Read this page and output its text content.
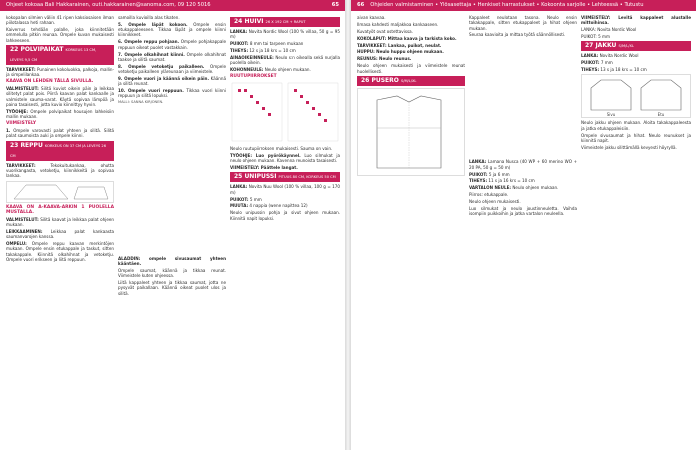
65
Ohjeet kokoaa Bali Hakkarainen, outi.hakkarainen@sanoma.com, 09 120 5016

kokopalan silmien väliin 41 ripen kaksiosaisen ilman piilotalassa heti rahaan.

Kaiverrus tehdään palalle, joka kiinnitetään ommelulla pitkin reunaa. Ompele kuvan mukaisesti lahkeeseen.

22 POLVIPAIKAT KORKEUS 13 CM, LEVEYS 9,5 CM

TARVIKKEET: Punainen kokoluokka, palkoja, mallin- ja simpelilankaa.

KAAVA ON LEHDEN TÄLLÄ SIVULLA.

VALMISTELUT: Silitä kuviot oikein päin ja leikkaa silitetyt palat pois. Piirrä kaavan palat kankaalle ja valmistele sauma-varat. Käytä sopivaa lämpöä ja paina tasaisesti, jotta kuvio kiinnittyy hyvin.

TYÖOHJE: Ompele polvipaikat housujen lahkeisiin mallin mukaan.

VIIMEISTELY

1. Ompele varovasti palat yhteen ja silitä. Silitä palat saumoista auki ja ompele kiinni.

23 REPPU KORKEUS ON 37 CM JA LEVEYS 26 CM

TARVIKKEET:	Tekokuitukankaa, ohutta vuorikangasta, vetoketju, kiinnikkeitä ja sopivaa lankaa.

KAAVA ON A-KAAVA-ARKIN 1 PUOLELLA MUSTALLA.

VALMISTELUT: Silitä kaavat ja leikkaa palat ohjeen mukaan.

LEIKKAAMINEN: Leikkaa palat kankaasta saumanvarojen kanssa.

OMPELU: Ompele reppu kaavan merkintöjen mukaan. Ompele ensin etukappale ja taskut, sitten takakappale. Kiinnitä olkahihnat ja vetoketju. Ompele vuori erikseen ja liitä reppuun.

samoilla kuvioilla alas tikaten.

5. Ompele läpät kokoon. Ompele ensin etukappaleeseen. Tikkaa läpät ja ompele kiinni kiinnikkeet.

6. Ompele reppu pohjaan. Ompele pohjakappale reppuun oikeat puolet vastakkain.

7. Ompele olkahihnat kiinni. Ompele olkahihnat taakse ja silitä saumat.

8. Ompele vetoketju paikalleen. Ompele vetoketju paikalleen yläreunaan ja viimeistele.

9. Ompele vuori ja käännä oikein päin. Käännä ja silitä reunat.

10. Ompele vuori reppuun. Tikkaa vuori kiinni reppuun ja silitä lopuksi.

MALLI: SANNA KIRJONEN.

ALADDIN: ompele sivusaumat yhteen kääntäen.

Ompele saumat, käännä ja tikkaa reunat. Viimeistele kuten ohjeessa.

Liitä kappaleet yhteen ja tikkaa saumat, jotta ne pysyvät paikallaan. Käännä oikeat puolet ulos ja silitä.

24 HUIVI 26 X 192 CM + RAPUT

LANKA: Novita Nordic Wool (100 % villaa, 50 g = 95 m)

PUIKOT: 8 mm tai tarpeen mukaan

TIHEYS: 12 s ja 18 krs = 10 cm

AINAOIKEINNEULE: Neulo s:n oikealla sekä nurjalla puolella oikein.

KOHONNEULE: Neulo ohjeen mukaan.

RUUTUPIIRROKSET

Neulo ruutupiirroksen mukaisesti. Sauma on vain.

TYÖOHJE: Luo pyörökäynnel. Luo silmukat ja neulo ohjeen mukaan. Kavenna reunoista tasaisesti.

VIIMEISTELY: Päättele langat.

25 UNIPUSSI PITUUS 80 CM, KORKEUS 50 CM

LANKA: Novita Nuu Wool (100 % villaa, 100 g = 170 m)

PUIKOT: 5 mm

MUUTA: 4 nappia (wene napittea 12)

Neulo unipussin pohja ja sivut ohjeen mukaan. Kiinnitä napit lopuksi.

66 Ohjeiden valmistaminen • Ylösasettaja • Henkiset harrastukset • Kokoonta sarjolle • Lehteessä • Tutustu

aivan kaavaa.

Ilmasa kahdesti maljakkoa kankaaseen.

Kuvatyöt ovat ostettavissa.

KOKOLAPUT: Mittaa kaava ja tarkista koko.

TARVIKKEET: Lankaa, puikot, neulat.

HUPPU: Neulo huppu ohjeen mukaan.

REUNUS: Neulo reunus.

Neulo ohjeen mukaisesti ja viimeistele reunat huolellisesti.

26 PUSERO S/M/L/XL

Kappaleet neulotaan tasona. Neulo ensin takakappale, sitten etukappaleet ja hihat ohjeen mukaan.

Seuraa kaavioita ja mittaa työtä säännöllisesti.

LANKA: Lamana Nusca (40 WP + 60 merino WO + 20 PA, 50 g = 50 m)

PUIKOT: 5 ja 6 mm

TIHEYS: 11 s ja 16 krs = 10 cm

VARTALON NEULE: Neulo ohjeen mukaan.

Piirros: etukappale.

Neulo ohjeen mukaisesti.

Luo silmukat ja neulo joustinneuletta. Vaihda isompiin puikkoihin ja jatka vartalon neuleella.

VIIMEISTELY: Levitä kappaleet alustalle mittoihinsa.

LANKA: Novita Nordic Wool

PUIKOT: 5 mm

27 JAKKU S/M/L/XL

LANKA: Novita Nordic Wool

PUIKOT: 7 mm

TIHEYS: 13 s ja 18 krs = 10 cm

Sivu	Etu

Neulo jakku ohjeen mukaan. Aloita takakappaleesta ja jatka etukappaleisiin.

Ompele sivusaumat ja hihat. Neulo reunukset ja kiinnitä napit.

Viimeistele jakku silittämällä kevyesti höyryllä.
